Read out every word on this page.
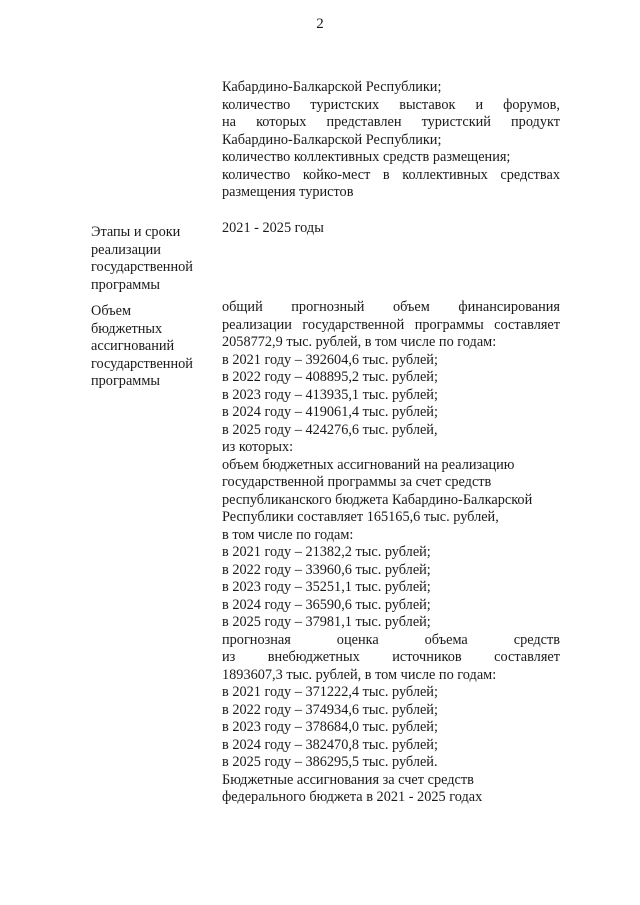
2
Кабардино-Балкарской Республики;
количество туристских выставок и форумов,
на которых представлен туристский продукт
Кабардино-Балкарской Республики;
количество коллективных средств размещения;
количество койко-мест в коллективных средствах
размещения туристов
Этапы и сроки
реализации
государственной
программы
2021 - 2025 годы
Объем
бюджетных
ассигнований
государственной
программы
общий прогнозный объем финансирования
реализации государственной программы составляет
2058772,9 тыс. рублей, в том числе по годам:
в 2021 году – 392604,6 тыс. рублей;
в 2022 году – 408895,2 тыс. рублей;
в 2023 году – 413935,1 тыс. рублей;
в 2024 году – 419061,4 тыс. рублей;
в 2025 году – 424276,6 тыс. рублей,
из которых:
объем бюджетных ассигнований на реализацию
государственной программы за счет средств
республиканского бюджета Кабардино-Балкарской
Республики составляет 165165,6 тыс. рублей,
в том числе по годам:
в 2021 году – 21382,2 тыс. рублей;
в 2022 году – 33960,6 тыс. рублей;
в 2023 году – 35251,1 тыс. рублей;
в 2024 году – 36590,6 тыс. рублей;
в 2025 году – 37981,1 тыс. рублей;
прогнозная оценка объема средств
из внебюджетных источников составляет
1893607,3 тыс. рублей, в том числе по годам:
в 2021 году – 371222,4 тыс. рублей;
в 2022 году – 374934,6 тыс. рублей;
в 2023 году – 378684,0 тыс. рублей;
в 2024 году – 382470,8 тыс. рублей;
в 2025 году – 386295,5 тыс. рублей.
Бюджетные ассигнования за счет средств
федерального бюджета в 2021 - 2025 годах
